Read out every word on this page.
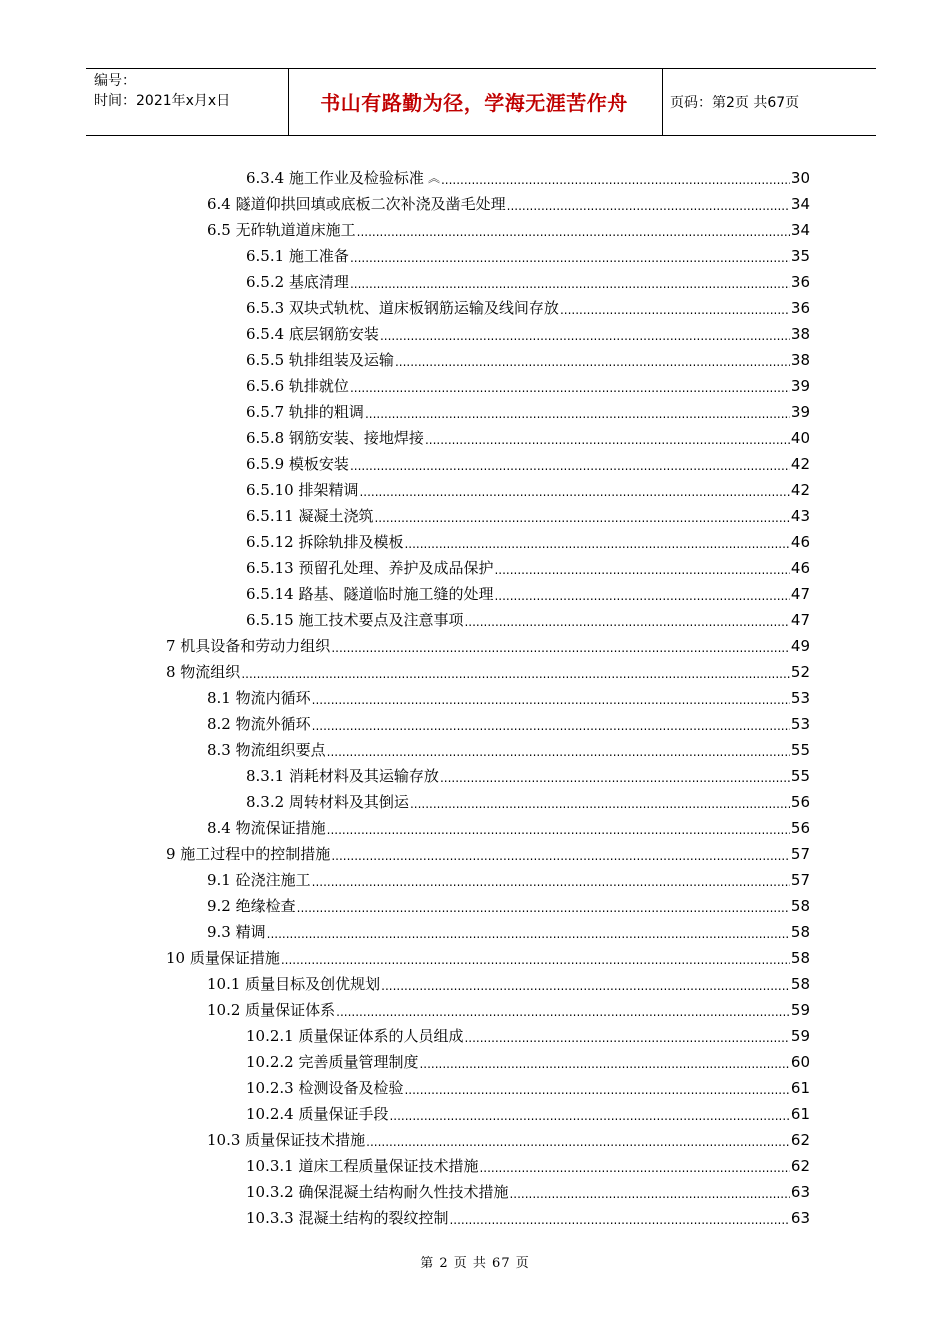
编号：
时间：2021年x月x日	书山有路勤为径，学海无涯苦作舟	页码：第2页 共67页
6.3.4 施工作业及检验标准 ︽ .....	30
6.4 隧道仰拱回填或底板二次补浇及凿毛处理 .....	34
6.5 无砟轨道道床施工 .....	34
6.5.1 施工准备 .....	35
6.5.2 基底清理 .....	36
6.5.3 双块式轨枕、道床板钢筋运输及线间存放 .....	36
6.5.4 底层钢筋安装 .....	38
6.5.5 轨排组装及运输 .....	38
6.5.6 轨排就位 .....	39
6.5.7 轨排的粗调 .....	39
6.5.8 钢筋安装、接地焊接 .....	40
6.5.9 模板安装 .....	42
6.5.10 排架精调 .....	42
6.5.11 凝凝土浇筑 .....	43
6.5.12 拆除轨排及模板 .....	46
6.5.13 预留孔处理、养护及成品保护 .....	46
6.5.14 路基、隧道临时施工缝的处理 .....	47
6.5.15 施工技术要点及注意事项 .....	47
7 机具设备和劳动力组织 .....	49
8 物流组织 .....	52
8.1 物流内循环 .....	53
8.2 物流外循环 .....	53
8.3 物流组织要点 .....	55
8.3.1 消耗材料及其运输存放 .....	55
8.3.2 周转材料及其倒运 .....	56
8.4 物流保证措施 .....	56
9 施工过程中的控制措施 .....	57
9.1 砼浇注施工 .....	57
9.2 绝缘检查 .....	58
9.3 精调 .....	58
10 质量保证措施 .....	58
10.1 质量目标及创优规划 .....	58
10.2 质量保证体系 .....	59
10.2.1 质量保证体系的人员组成 .....	59
10.2.2 完善质量管理制度 .....	60
10.2.3 检测设备及检验 .....	61
10.2.4 质量保证手段 .....	61
10.3 质量保证技术措施 .....	62
10.3.1 道床工程质量保证技术措施 .....	62
10.3.2 确保混凝土结构耐久性技术措施 .....	63
10.3.3 混凝土结构的裂纹控制 .....	63
第 2 页 共 67 页
